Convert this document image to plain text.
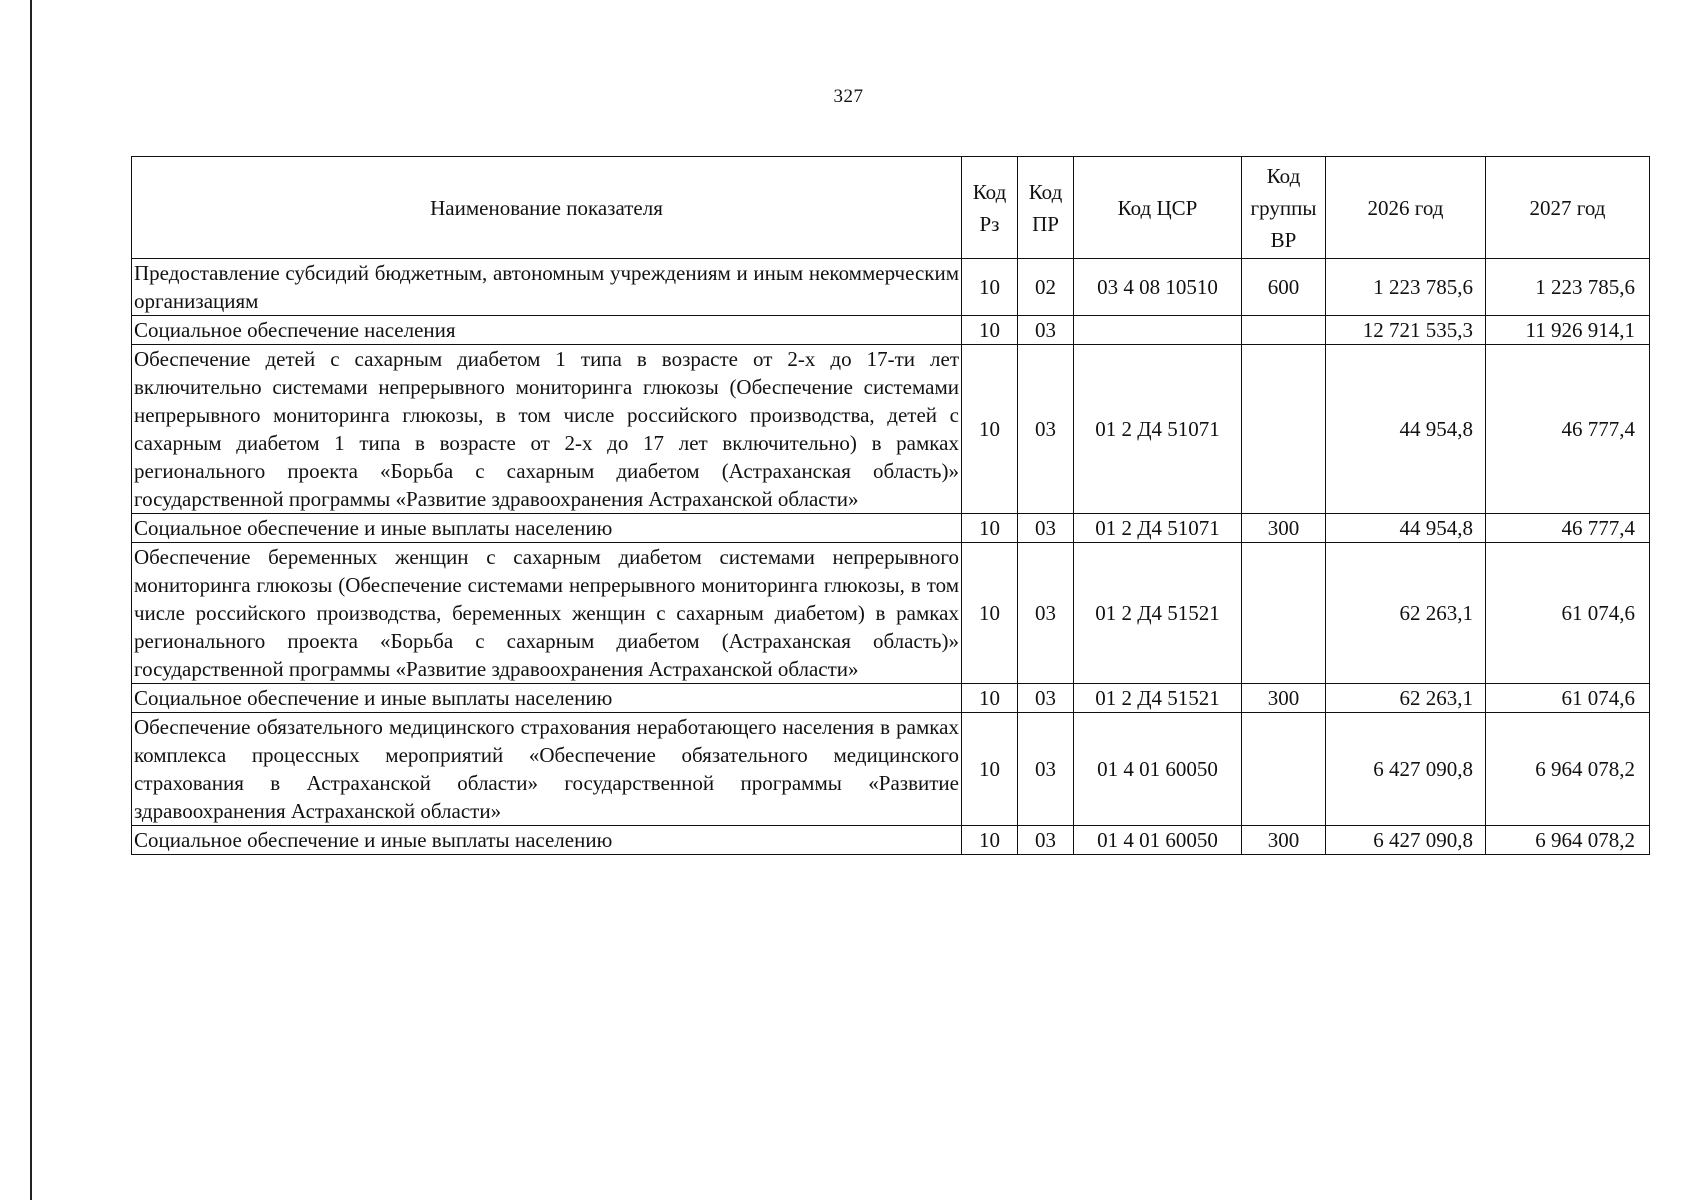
327
Наименование показателя	Код Рз	Код ПР	Код ЦСР	Код группы ВР	2026 год	2027 год
Предоставление субсидий бюджетным, автономным учреждениям и иным некоммерческим организациям	10	02	03 4 08 10510	600	1 223 785,6	1 223 785,6
Социальное обеспечение населения	10	03			12 721 535,3	11 926 914,1
Обеспечение детей с сахарным диабетом 1 типа в возрасте от 2-х до 17-ти лет включительно системами непрерывного мониторинга глюкозы (Обеспечение системами непрерывного мониторинга глюкозы, в том числе российского производства, детей с сахарным диабетом 1 типа в возрасте от 2-х до 17 лет включительно) в рамках регионального проекта «Борьба с сахарным диабетом (Астраханская область)» государственной программы «Развитие здравоохранения Астраханской области»	10	03	01 2 Д4 51071		44 954,8	46 777,4
Социальное обеспечение и иные выплаты населению	10	03	01 2 Д4 51071	300	44 954,8	46 777,4
Обеспечение беременных женщин с сахарным диабетом системами непрерывного мониторинга глюкозы (Обеспечение системами непрерывного мониторинга глюкозы, в том числе российского производства, беременных женщин с сахарным диабетом) в рамках регионального проекта «Борьба с сахарным диабетом (Астраханская область)» государственной программы «Развитие здравоохранения Астраханской области»	10	03	01 2 Д4 51521		62 263,1	61 074,6
Социальное обеспечение и иные выплаты населению	10	03	01 2 Д4 51521	300	62 263,1	61 074,6
Обеспечение обязательного медицинского страхования неработающего населения в рамках комплекса процессных мероприятий «Обеспечение обязательного медицинского страхования в Астраханской области» государственной программы «Развитие здравоохранения Астраханской области»	10	03	01 4 01 60050		6 427 090,8	6 964 078,2
Социальное обеспечение и иные выплаты населению	10	03	01 4 01 60050	300	6 427 090,8	6 964 078,2
